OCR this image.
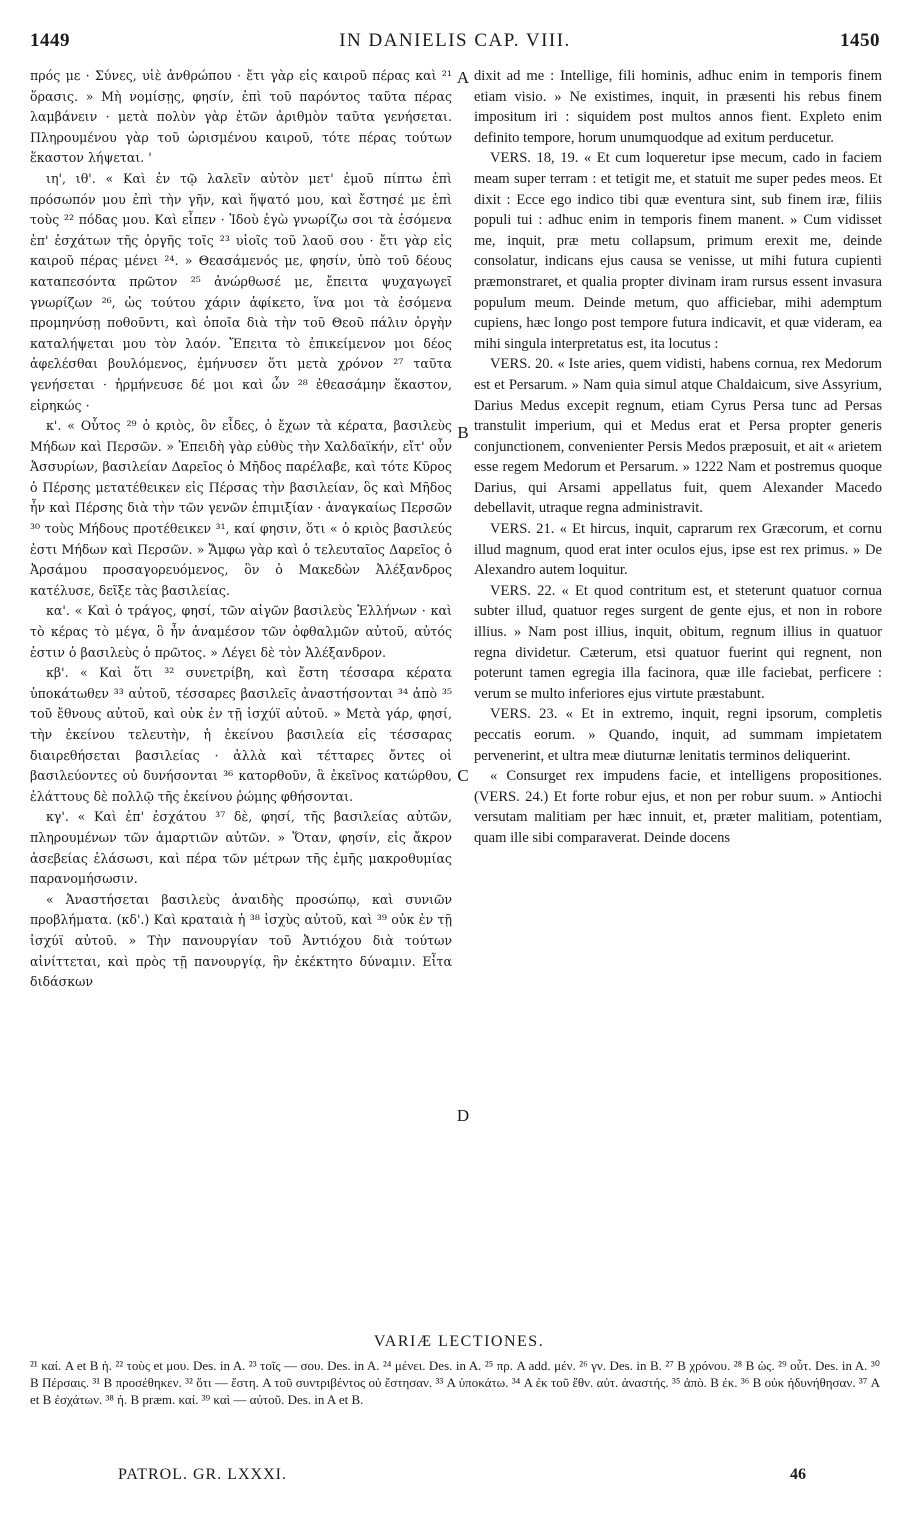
1449	IN DANIELIS CAP. VIII.	1450

πρός με · Σύνες, υἱὲ ἀνθρώπου · ἔτι γὰρ εἰς καιροῦ πέρας καὶ ²¹ ὅρασις. » Μὴ νομίσῃς, φησίν, ἐπὶ τοῦ παρόντος ταῦτα πέρας λαμβάνειν · μετὰ πολὺν γὰρ ἐτῶν ἀριθμὸν ταῦτα γενήσεται. Πληρουμένου γὰρ τοῦ ὡρισμένου καιροῦ, τότε πέρας τούτων ἕκαστον λήψεται. '

ιη', ιθ'. « Καὶ ἐν τῷ λαλεῖν αὐτὸν μετ' ἐμοῦ πίπτω ἐπὶ πρόσωπόν μου ἐπὶ τὴν γῆν, καὶ ἥψατό μου, καὶ ἔστησέ με ἐπὶ τοὺς ²² πόδας μου. Καὶ εἶπεν · Ἰδοὺ ἐγὼ γνωρίζω σοι τὰ ἐσόμενα ἐπ' ἐσχάτων τῆς ὀργῆς τοῖς ²³ υἱοῖς τοῦ λαοῦ σου · ἔτι γὰρ εἰς καιροῦ πέρας μένει ²⁴. » Θεασάμενός με, φησίν, ὑπὸ τοῦ δέους καταπεσόντα πρῶτον ²⁵ ἀνώρθωσέ με, ἔπειτα ψυχαγωγεῖ γνωρίζων ²⁶, ὡς τούτου χάριν ἀφίκετο, ἵνα μοι τὰ ἐσόμενα προμηνύσῃ ποθοῦντι, καὶ ὁποῖα διὰ τὴν τοῦ Θεοῦ πάλιν ὀργὴν καταλήψεται μου τὸν λαόν. Ἔπειτα τὸ ἐπικείμενον μοι δέος ἀφελέσθαι βουλόμενος, ἐμήνυσεν ὅτι μετὰ χρόνον ²⁷ ταῦτα γενήσεται · ἡρμήνευσε δέ μοι καὶ ὧν ²⁸ ἐθεασάμην ἕκαστον, εἰρηκώς ·

κ'. « Οὗτος ²⁹ ὁ κριὸς, ὃν εἶδες, ὁ ἔχων τὰ κέρατα, βασιλεὺς Μήδων καὶ Περσῶν. » Ἐπειδὴ γὰρ εὐθὺς τὴν Χαλδαϊκήν, εἴτ' οὖν Ἀσσυρίων, βασιλείαν Δαρεῖος ὁ Μῆδος παρέλαβε, καὶ τότε Κῦρος ὁ Πέρσης μετατέθεικεν εἰς Πέρσας τὴν βασιλείαν, ὃς καὶ Μῆδος ἦν καὶ Πέρσης διὰ τὴν τῶν γενῶν ἐπιμιξίαν · ἀναγκαίως Περσῶν ³⁰ τοὺς Μήδους προτέθεικεν ³¹, καί φησιν, ὅτι « ὁ κριὸς βασιλεύς ἐστι Μήδων καὶ Περσῶν. » Ἄμφω γὰρ καὶ ὁ τελευταῖος Δαρεῖος ὁ Ἀρσάμου προσαγορευόμενος, ὃν ὁ Μακεδὼν Ἀλέξανδρος κατέλυσε, δεῖξε τὰς βασιλείας.

κα'. « Καὶ ὁ τράγος, φησί, τῶν αἰγῶν βασιλεὺς Ἑλλήνων · καὶ τὸ κέρας τὸ μέγα, ὃ ἦν ἀναμέσον τῶν ὀφθαλμῶν αὐτοῦ, αὐτός ἐστιν ὁ βασιλεὺς ὁ πρῶτος. » Λέγει δὲ τὸν Ἀλέξανδρον.

κβ'. « Καὶ ὅτι ³² συνετρίβη, καὶ ἔστη τέσσαρα κέρατα ὑποκάτωθεν ³³ αὐτοῦ, τέσσαρες βασιλεῖς ἀναστήσονται ³⁴ ἀπὸ ³⁵ τοῦ ἔθνους αὐτοῦ, καὶ οὐκ ἐν τῇ ἰσχύϊ αὐτοῦ. » Μετὰ γάρ, φησί, τὴν ἐκείνου τελευτὴν, ἡ ἐκείνου βασιλεία εἰς τέσσαρας διαιρεθήσεται βασιλείας · ἀλλὰ καὶ τέτταρες ὄντες οἱ βασιλεύοντες οὐ δυνήσονται ³⁶ κατορθοῦν, ἃ ἐκεῖνος κατώρθου, ἐλάττους δὲ πολλῷ τῆς ἐκείνου ῥώμης φθήσονται.

κγ'. « Καὶ ἐπ' ἐσχάτου ³⁷ δὲ, φησί, τῆς βασιλείας αὐτῶν, πληρουμένων τῶν ἁμαρτιῶν αὐτῶν. » Ὅταν, φησίν, εἰς ἄκρον ἀσεβείας ἐλάσωσι, καὶ πέρα τῶν μέτρων τῆς ἐμῆς μακροθυμίας παρανομήσωσιν.

« Ἀναστήσεται βασιλεὺς ἀναιδὴς προσώπῳ, καὶ συνιῶν προβλήματα. (κδ'.) Καὶ κραταιὰ ἡ ³⁸ ἰσχὺς αὐτοῦ, καὶ ³⁹ οὐκ ἐν τῇ ἰσχύϊ αὐτοῦ. » Τὴν πανουργίαν τοῦ Ἀντιόχου διὰ τούτων αἰνίττεται, καὶ πρὸς τῇ πανουργίᾳ, ἣν ἐκέκτητο δύναμιν. Εἶτα διδάσκων

A
B
C
D

dixit ad me : Intellige, fili hominis, adhuc enim in temporis finem etiam visio. » Ne existimes, inquit, in præsenti his rebus finem impositum iri : siquidem post multos annos fient. Expleto enim definito tempore, horum unumquodque ad exitum perducetur.

VERS. 18, 19. « Et cum loqueretur ipse mecum, cado in faciem meam super terram : et tetigit me, et statuit me super pedes meos. Et dixit : Ecce ego indico tibi quæ eventura sint, sub finem iræ, filiis populi tui : adhuc enim in temporis finem manent. » Cum vidisset me, inquit, præ metu collapsum, primum erexit me, deinde consolatur, indicans ejus causa se venisse, ut mihi futura cupienti præmonstraret, et qualia propter divinam iram rursus essent invasura populum meum. Deinde metum, quo afficiebar, mihi ademptum cupiens, hæc longo post tempore futura indicavit, et quæ videram, ea mihi singula interpretatus est, ita locutus :

VERS. 20. « Iste aries, quem vidisti, habens cornua, rex Medorum est et Persarum. » Nam quia simul atque Chaldaicum, sive Assyrium, Darius Medus excepit regnum, etiam Cyrus Persa tunc ad Persas transtulit imperium, qui et Medus erat et Persa propter generis conjunctionem, convenienter Persis Medos præposuit, et ait « arietem esse regem Medorum et Persarum. » 1222 Nam et postremus quoque Darius, qui Arsami appellatus fuit, quem Alexander Macedo debellavit, utraque regna administravit.

VERS. 21. « Et hircus, inquit, caprarum rex Græcorum, et cornu illud magnum, quod erat inter oculos ejus, ipse est rex primus. » De Alexandro autem loquitur.

VERS. 22. « Et quod contritum est, et steterunt quatuor cornua subter illud, quatuor reges surgent de gente ejus, et non in robore illius. » Nam post illius, inquit, obitum, regnum illius in quatuor regna dividetur. Cæterum, etsi quatuor fuerint qui regnent, non poterunt tamen egregia illa facinora, quæ ille faciebat, perficere : verum se multo inferiores ejus virtute præstabunt.

VERS. 23. « Et in extremo, inquit, regni ipsorum, completis peccatis eorum. » Quando, inquit, ad summam impietatem pervenerint, et ultra meæ diuturnæ lenitatis terminos deliquerint.

« Consurget rex impudens facie, et intelligens propositiones. (VERS. 24.) Et forte robur ejus, et non per robur suum. » Antiochi versutam malitiam per hæc innuit, et, præter malitiam, potentiam, quam ille sibi comparaverat. Deinde docens

VARIÆ LECTIONES.
²¹ καί. A et B ἡ. ²² τοὺς et μου. Des. in A. ²³ τοῖς — σου. Des. in A. ²⁴ μένει. Des. in A. ²⁵ πρ. A add. μέν. ²⁶ γν. Des. in B. ²⁷ B χρόνου. ²⁸ B ὡς. ²⁹ οὗτ. Des. in A. ³⁰ B Πέρσαις. ³¹ B προσέθηκεν. ³² ὅτι — ἔστη. A τοῦ συντριβέντος οὐ ἔστησαν. ³³ A ὑποκάτω. ³⁴ A ἐκ τοῦ ἔθν. αὐτ. ἀναστής. ³⁵ ἀπὸ. B ἐκ. ³⁶ B οὐκ ἠδυνήθησαν. ³⁷ A et B ἐσχάτων. ³⁸ ἡ. B præm. καί. ³⁹ καὶ — αὐτοῦ. Des. in A et B.
PATROL. GR. LXXXI.	46
